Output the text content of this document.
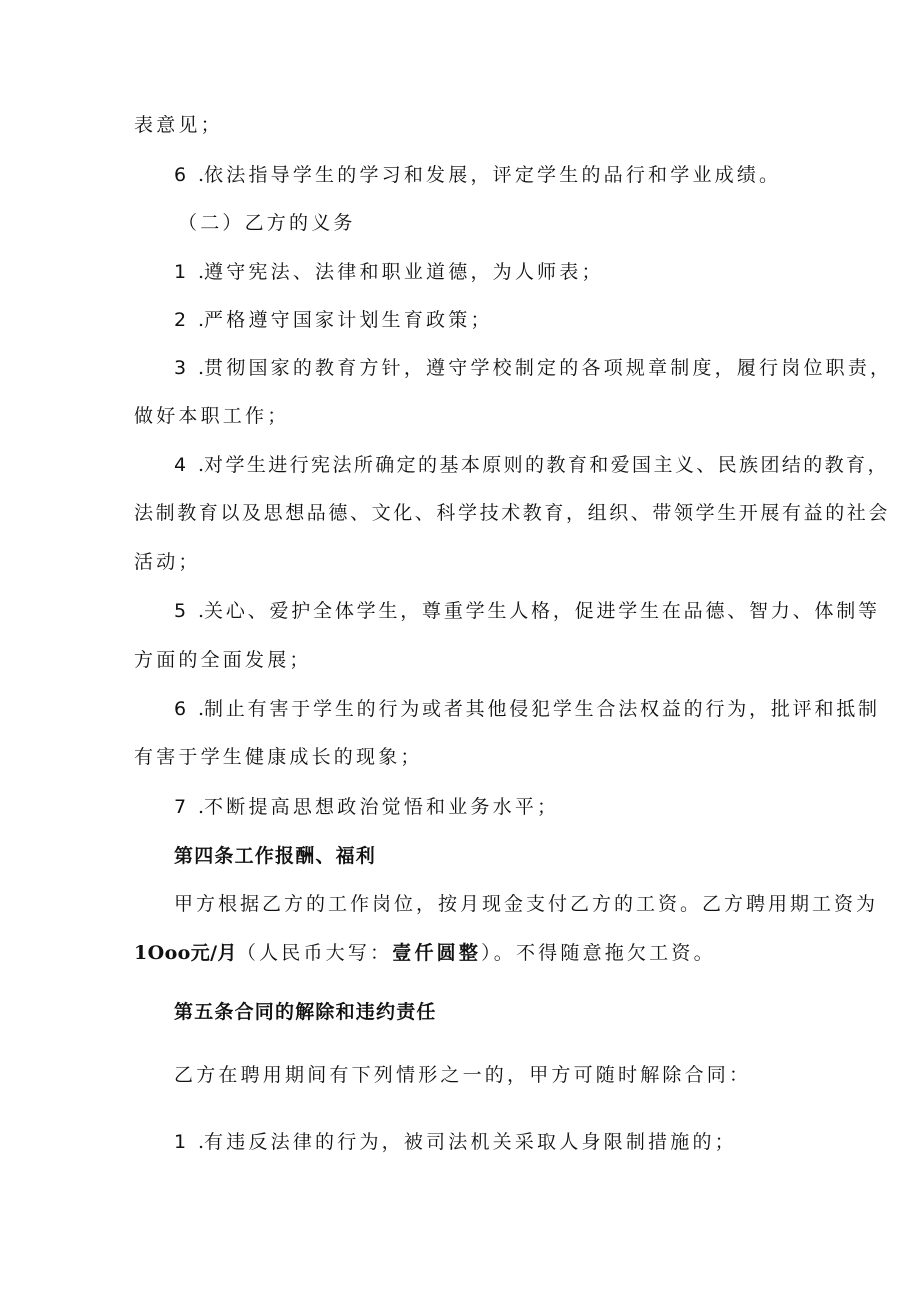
表意见；

6 .依法指导学生的学习和发展，评定学生的品行和学业成绩。

（二）乙方的义务

1 .遵守宪法、法律和职业道德，为人师表；

2 .严格遵守国家计划生育政策；

3 .贯彻国家的教育方针，遵守学校制定的各项规章制度，履行岗位职责，

做好本职工作；

4 .对学生进行宪法所确定的基本原则的教育和爱国主义、民族团结的教育，

法制教育以及思想品德、文化、科学技术教育，组织、带领学生开展有益的社会

活动；

5 .关心、爱护全体学生，尊重学生人格，促进学生在品德、智力、体制等

方面的全面发展；

6 .制止有害于学生的行为或者其他侵犯学生合法权益的行为，批评和抵制

有害于学生健康成长的现象；

7 .不断提高思想政治觉悟和业务水平；

第四条工作报酬、福利

甲方根据乙方的工作岗位，按月现金支付乙方的工资。乙方聘用期工资为

1Ooo元/月（人民币大写：壹仟圆整）。不得随意拖欠工资。

第五条合同的解除和违约责任

乙方在聘用期间有下列情形之一的，甲方可随时解除合同：

1 .有违反法律的行为，被司法机关采取人身限制措施的；
